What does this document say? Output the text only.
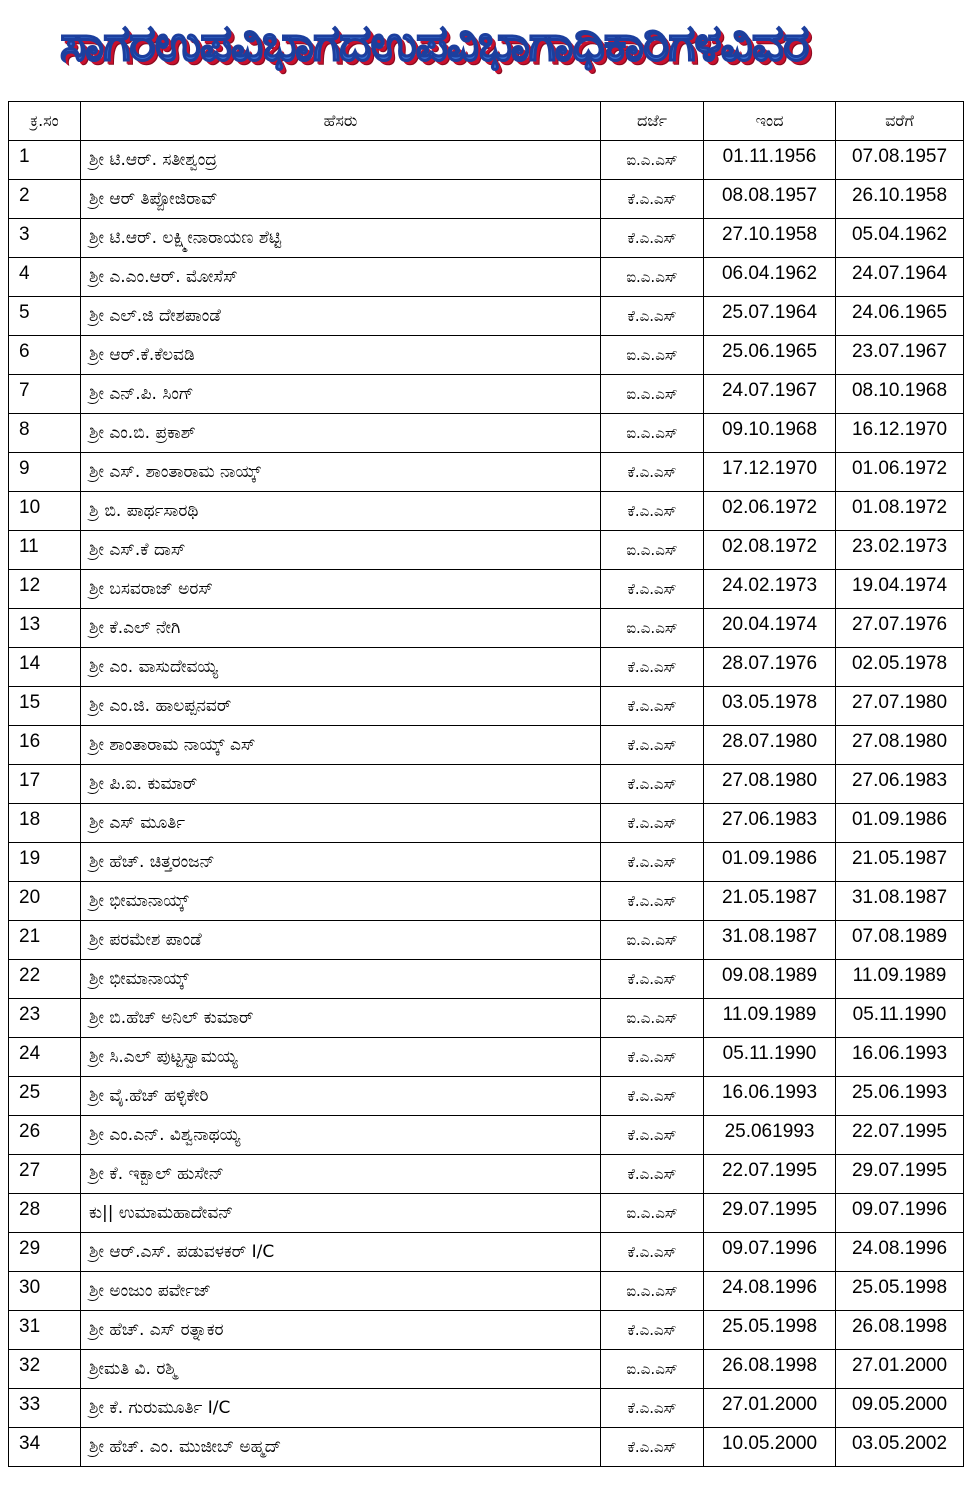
ಸಾಗರಉಪವಿಭಾಗದಉಪವಿಭಾಗಾಧಿಕಾರಿಗಳವಿವರ
ಕ್ರ.ಸಂ	ಹೆಸರು	ದರ್ಜೆ	ಇಂದ	ವರೆಗೆ
1	ಶ್ರೀ ಟಿ.ಆರ್. ಸತೀಶ್ವಂದ್ರ	ಐ.ಎ.ಎಸ್	01.11.1956	07.08.1957
2	ಶ್ರೀ ಆರ್ ತಿಪ್ಪೋಜಿರಾವ್	ಕೆ.ಎ.ಎಸ್	08.08.1957	26.10.1958
3	ಶ್ರೀ ಟಿ.ಆರ್. ಲಕ್ಷ್ಮೀನಾರಾಯಣ ಶೆಟ್ಟಿ	ಕೆ.ಎ.ಎಸ್	27.10.1958	05.04.1962
4	ಶ್ರೀ ಎ.ಎಂ.ಆರ್. ಮೋಸೆಸ್	ಐ.ಎ.ಎಸ್	06.04.1962	24.07.1964
5	ಶ್ರೀ ಎಲ್.ಜಿ ದೇಶಪಾಂಡೆ	ಕೆ.ಎ.ಎಸ್	25.07.1964	24.06.1965
6	ಶ್ರೀ ಆರ್.ಕೆ.ಕೆಲವಡಿ	ಐ.ಎ.ಎಸ್	25.06.1965	23.07.1967
7	ಶ್ರೀ ಎನ್.ಪಿ. ಸಿಂಗ್	ಐ.ಎ.ಎಸ್	24.07.1967	08.10.1968
8	ಶ್ರೀ ಎಂ.ಬಿ. ಪ್ರಕಾಶ್	ಐ.ಎ.ಎಸ್	09.10.1968	16.12.1970
9	ಶ್ರೀ ಎಸ್. ಶಾಂತಾರಾಮ ನಾಯ್ಕ್	ಕೆ.ಎ.ಎಸ್	17.12.1970	01.06.1972
10	ಶ್ರಿ ಬಿ. ಪಾರ್ಥಸಾರಥಿ	ಕೆ.ಎ.ಎಸ್	02.06.1972	01.08.1972
11	ಶ್ರೀ ಎಸ್.ಕೆ ದಾಸ್	ಐ.ಎ.ಎಸ್	02.08.1972	23.02.1973
12	ಶ್ರೀ ಬಸವರಾಜ್ ಅರಸ್	ಕೆ.ಎ.ಎಸ್	24.02.1973	19.04.1974
13	ಶ್ರೀ ಕೆ.ಎಲ್ ನೇಗಿ	ಐ.ಎ.ಎಸ್	20.04.1974	27.07.1976
14	ಶ್ರೀ ಎಂ. ವಾಸುದೇವಯ್ಯ	ಕೆ.ಎ.ಎಸ್	28.07.1976	02.05.1978
15	ಶ್ರೀ ಎಂ.ಜಿ. ಹಾಲಪ್ಪನವರ್	ಕೆ.ಎ.ಎಸ್	03.05.1978	27.07.1980
16	ಶ್ರೀ ಶಾಂತಾರಾಮ ನಾಯ್ಕ್ ಎಸ್	ಕೆ.ಎ.ಎಸ್	28.07.1980	27.08.1980
17	ಶ್ರೀ ಪಿ.ಐ. ಕುಮಾರ್	ಕೆ.ಎ.ಎಸ್	27.08.1980	27.06.1983
18	ಶ್ರೀ ಎಸ್ ಮೂರ್ತಿ	ಕೆ.ಎ.ಎಸ್	27.06.1983	01.09.1986
19	ಶ್ರೀ ಹೆಚ್. ಚಿತ್ತರಂಜನ್	ಕೆ.ಎ.ಎಸ್	01.09.1986	21.05.1987
20	ಶ್ರೀ ಭೀಮಾನಾಯ್ಕ್	ಕೆ.ಎ.ಎಸ್	21.05.1987	31.08.1987
21	ಶ್ರೀ ಪರಮೇಶ ಪಾಂಡೆ	ಐ.ಎ.ಎಸ್	31.08.1987	07.08.1989
22	ಶ್ರೀ ಭೀಮಾನಾಯ್ಕ್	ಕೆ.ಎ.ಎಸ್	09.08.1989	11.09.1989
23	ಶ್ರೀ ಬಿ.ಹೆಚ್ ಅನಿಲ್ ಕುಮಾರ್	ಐ.ಎ.ಎಸ್	11.09.1989	05.11.1990
24	ಶ್ರೀ ಸಿ.ಎಲ್ ಪುಟ್ಟಸ್ವಾಮಯ್ಯ	ಕೆ.ಎ.ಎಸ್	05.11.1990	16.06.1993
25	ಶ್ರೀ ವೈ.ಹೆಚ್ ಹಳ್ಳಿಕೇರಿ	ಕೆ.ಎ.ಎಸ್	16.06.1993	25.06.1993
26	ಶ್ರೀ ಎಂ.ಎನ್. ವಿಶ್ವನಾಥಯ್ಯ	ಕೆ.ಎ.ಎಸ್	25.061993	22.07.1995
27	ಶ್ರೀ ಕೆ. ಇಕ್ಬಾಲ್ ಹುಸೇನ್	ಕೆ.ಎ.ಎಸ್	22.07.1995	29.07.1995
28	ಕು|| ಉಮಾಮಹಾದೇವನ್	ಐ.ಎ.ಎಸ್	29.07.1995	09.07.1996
29	ಶ್ರೀ ಆರ್.ಎಸ್. ಪಡುವಳಕರ್ I/C	ಕೆ.ಎ.ಎಸ್	09.07.1996	24.08.1996
30	ಶ್ರೀ ಅಂಜುಂ ಪರ್ವೇಜ್	ಐ.ಎ.ಎಸ್	24.08.1996	25.05.1998
31	ಶ್ರೀ ಹೆಚ್. ಎಸ್ ರತ್ನಾಕರ	ಕೆ.ಎ.ಎಸ್	25.05.1998	26.08.1998
32	ಶ್ರೀಮತಿ ವಿ. ರಶ್ಮಿ	ಐ.ಎ.ಎಸ್	26.08.1998	27.01.2000
33	ಶ್ರೀ ಕೆ. ಗುರುಮೂರ್ತಿ I/C	ಕೆ.ಎ.ಎಸ್	27.01.2000	09.05.2000
34	ಶ್ರೀ ಹೆಚ್. ಎಂ. ಮುಜೀಬ್ ಅಹ್ಮದ್	ಕೆ.ಎ.ಎಸ್	10.05.2000	03.05.2002
